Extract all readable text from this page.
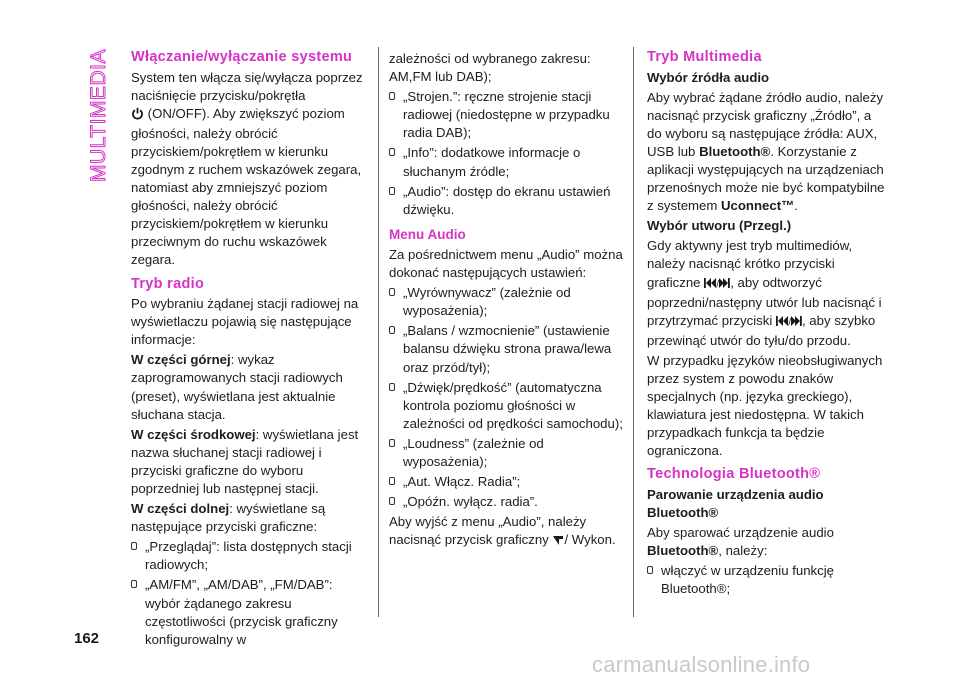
MULTIMEDIA Włączanie/wyłączanie systemu

System ten włącza się/wyłącza poprzez naciśnięcie przycisku/pokrętła
(ON/OFF). Aby zwiększyć poziom głośności, należy obrócić przyciskiem/pokrętłem w kierunku zgodnym z ruchem wskazówek zegara, natomiast aby zmniejszyć poziom głośności, należy obrócić przyciskiem/pokrętłem w kierunku przeciwnym do ruchu wskazówek zegara.

Tryb radio

Po wybraniu żądanej stacji radiowej na wyświetlaczu pojawią się następujące informacje:

W części górnej: wykaz zaprogramowanych stacji radiowych (preset), wyświetlana jest aktualnie słuchana stacja.

W części środkowej: wyświetlana jest nazwa słuchanej stacji radiowej i przyciski graficzne do wyboru poprzedniej lub następnej stacji.

W części dolnej: wyświetlane są następujące przyciski graficzne:

„Przeglądaj”: lista dostępnych stacji radiowych;

„AM/FM”, „AM/DAB”, „FM/DAB”: wybór żądanego zakresu częstotliwości (przycisk graficzny konfigurowalny w

zależności od wybranego zakresu: AM,FM lub DAB);

„Strojen.”: ręczne strojenie stacji radiowej (niedostępne w przypadku radia DAB);

„Info”: dodatkowe informacje o słuchanym źródle;

„Audio”: dostęp do ekranu ustawień dźwięku.

Menu Audio

Za pośrednictwem menu „Audio” można dokonać następujących ustawień:

„Wyrównywacz” (zależnie od wyposażenia);

„Balans / wzmocnienie” (ustawienie balansu dźwięku strona prawa/lewa oraz przód/tył);

„Dźwięk/prędkość” (automatyczna kontrola poziomu głośności w zależności od prędkości samochodu);

„Loudness” (zależnie od wyposażenia);

„Aut. Włącz. Radia”;

„Opóźn. wyłącz. radia”.

Aby wyjść z menu „Audio”, należy nacisnąć przycisk graficzny / Wykon.

Tryb Multimedia

Wybór źródła audio

Aby wybrać żądane źródło audio, należy nacisnąć przycisk graficzny „Źródło”, a do wyboru są następujące źródła: AUX, USB lub Bluetooth®. Korzystanie z aplikacji występujących na urządzeniach przenośnych może nie być kompatybilne z systemem Uconnect™.

Wybór utworu (Przegl.)

Gdy aktywny jest tryb multimediów, należy nacisnąć krótko przyciski graficzne / , aby odtworzyć poprzedni/następny utwór lub nacisnąć i przytrzymać przyciski / , aby szybko przewinąć utwór do tyłu/do przodu.

W przypadku języków nieobsługiwanych przez system z powodu znaków specjalnych (np. języka greckiego), klawiatura jest niedostępna. W takich przypadkach funkcja ta będzie ograniczona.

Technologia Bluetooth®

Parowanie urządzenia audio Bluetooth®

Aby sparować urządzenie audio Bluetooth®, należy:

włączyć w urządzeniu funkcję Bluetooth®;

162
carmanualsonline.info
